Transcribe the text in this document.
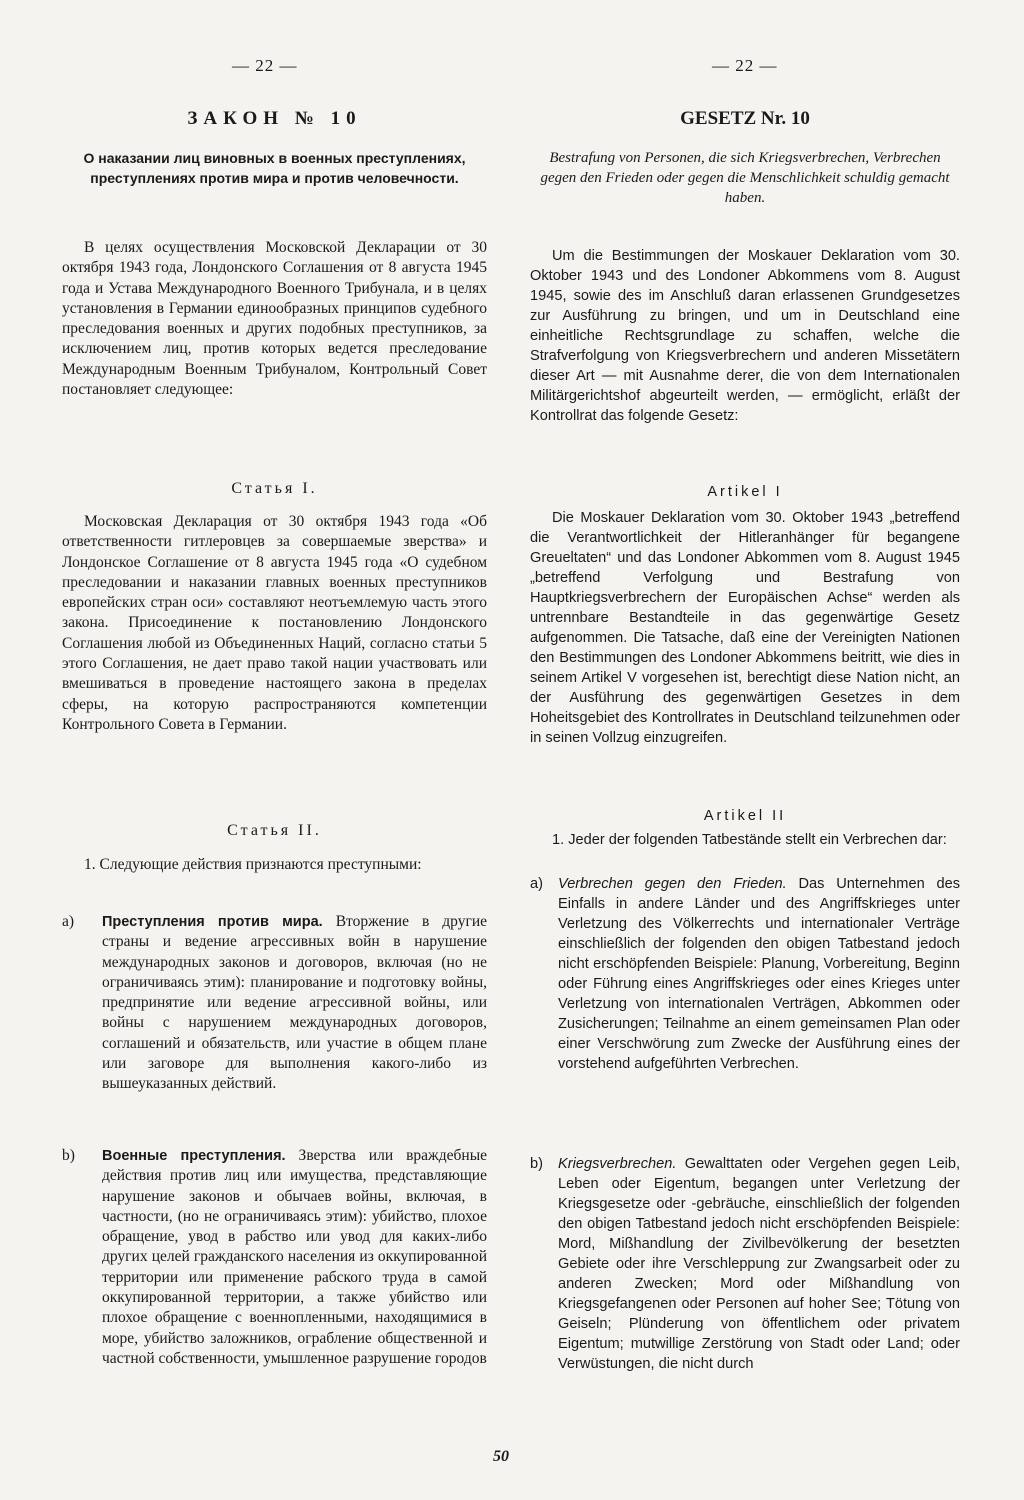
— 22 —
ЗАКОН № 10
О наказании лиц виновных в военных преступлениях, преступлениях против мира и против человечности.
В целях осуществления Московской Декларации от 30 октября 1943 года, Лондонского Соглашения от 8 августа 1945 года и Устава Международного Военного Трибунала, и в целях установления в Германии единообразных принципов судебного преследования военных и других подобных преступников, за исключением лиц, против которых ведется преследование Международным Военным Трибуналом, Контрольный Совет постановляет следующее:
Статья I.
Московская Декларация от 30 октября 1943 года «Об ответственности гитлеровцев за совершаемые зверства» и Лондонское Соглашение от 8 августа 1945 года «О судебном преследовании и наказании главных военных преступников европейских стран оси» составляют неотъемлемую часть этого закона. Присоединение к постановлению Лондонского Соглашения любой из Объединенных Наций, согласно статьи 5 этого Соглашения, не дает право такой нации участвовать или вмешиваться в проведение настоящего закона в пределах сферы, на которую распространяются компетенции Контрольного Совета в Германии.
Статья II.
1. Следующие действия признаются преступными:
а) Преступления против мира. Вторжение в другие страны и ведение агрессивных войн в нарушение международных законов и договоров, включая (но не ограничиваясь этим): планирование и подготовку войны, предпринятие или ведение агрессивной войны, или войны с нарушением международных договоров, соглашений и обязательств, или участие в общем плане или заговоре для выполнения какого-либо из вышеуказанных действий.
b) Военные преступления. Зверства или враждебные действия против лиц или имущества, представляющие нарушение законов и обычаев войны, включая, в частности, (но не ограничиваясь этим): убийство, плохое обращение, увод в рабство или увод для каких-либо других целей гражданского населения из оккупированной территории или применение рабского труда в самой оккупированной территории, а также убийство или плохое обращение с военнопленными, находящимися в море, убийство заложников, ограбление общественной и частной собственности, умышленное разрушение городов
— 22 —
GESETZ Nr. 10
Bestrafung von Personen, die sich Kriegsverbrechen, Verbrechen gegen den Frieden oder gegen die Menschlichkeit schuldig gemacht haben.
Um die Bestimmungen der Moskauer Deklaration vom 30. Oktober 1943 und des Londoner Abkommens vom 8. August 1945, sowie des im Anschluß daran erlassenen Grundgesetzes zur Ausführung zu bringen, und um in Deutschland eine einheitliche Rechtsgrundlage zu schaffen, welche die Strafverfolgung von Kriegsverbrechern und anderen Missetätern dieser Art — mit Ausnahme derer, die von dem Internationalen Militärgerichtshof abgeurteilt werden, — ermöglicht, erläßt der Kontrollrat das folgende Gesetz:
Artikel I
Die Moskauer Deklaration vom 30. Oktober 1943 „betreffend die Verantwortlichkeit der Hitleranhänger für begangene Greueltaten“ und das Londoner Abkommen vom 8. August 1945 „betreffend Verfolgung und Bestrafung von Hauptkriegsverbrechern der Europäischen Achse“ werden als untrennbare Bestandteile in das gegenwärtige Gesetz aufgenommen. Die Tatsache, daß eine der Vereinigten Nationen den Bestimmungen des Londoner Abkommens beitritt, wie dies in seinem Artikel V vorgesehen ist, berechtigt diese Nation nicht, an der Ausführung des gegenwärtigen Gesetzes in dem Hoheitsgebiet des Kontrollrates in Deutschland teilzunehmen oder in seinen Vollzug einzugreifen.
Artikel II
1. Jeder der folgenden Tatbestände stellt ein Verbrechen dar:
a) Verbrechen gegen den Frieden. Das Unternehmen des Einfalls in andere Länder und des Angriffskrieges unter Verletzung des Völkerrechts und internationaler Verträge einschließlich der folgenden den obigen Tatbestand jedoch nicht erschöpfenden Beispiele: Planung, Vorbereitung, Beginn oder Führung eines Angriffskrieges oder eines Krieges unter Verletzung von internationalen Verträgen, Abkommen oder Zusicherungen; Teilnahme an einem gemeinsamen Plan oder einer Verschwörung zum Zwecke der Ausführung eines der vorstehend aufgeführten Verbrechen.
b) Kriegsverbrechen. Gewalttaten oder Vergehen gegen Leib, Leben oder Eigentum, begangen unter Verletzung der Kriegsgesetze oder -gebräuche, einschließlich der folgenden den obigen Tatbestand jedoch nicht erschöpfenden Beispiele: Mord, Mißhandlung der Zivilbevölkerung der besetzten Gebiete oder ihre Verschleppung zur Zwangsarbeit oder zu anderen Zwecken; Mord oder Mißhandlung von Kriegsgefangenen oder Personen auf hoher See; Tötung von Geiseln; Plünderung von öffentlichem oder privatem Eigentum; mutwillige Zerstörung von Stadt oder Land; oder Verwüstungen, die nicht durch
50
